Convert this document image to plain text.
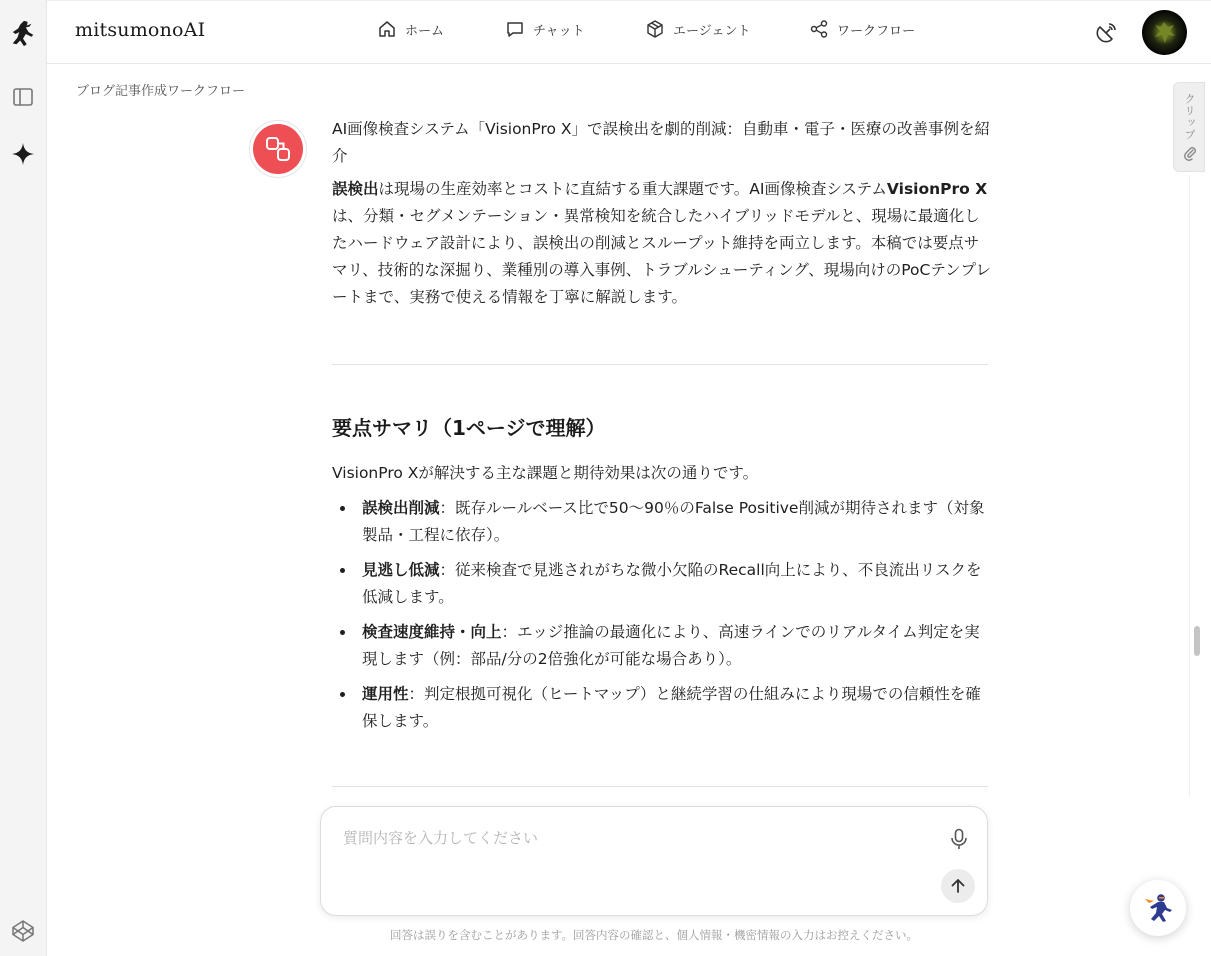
mitsumonoAI	ホーム	チャット	エージェント	ワークフロー
ブログ記事作成ワークフロー
AI画像検査システム「VisionPro X」で誤検出を劇的削減：自動車・電子・医療の改善事例を紹介
誤検出は現場の生産効率とコストに直結する重大課題です。AI画像検査システムVisionPro Xは、分類・セグメンテーション・異常検知を統合したハイブリッドモデルと、現場に最適化したハードウェア設計により、誤検出の削減とスループット維持を両立します。本稿では要点サマリ、技術的な深掘り、業種別の導入事例、トラブルシューティング、現場向けのPoCテンプレートまで、実務で使える情報を丁寧に解説します。
要点サマリ（1ページで理解）
VisionPro Xが解決する主な課題と期待効果は次の通りです。
誤検出削減：既存ルールベース比で50〜90％のFalse Positive削減が期待されます（対象製品・工程に依存）。
見逃し低減：従来検査で見逃されがちな微小欠陥のRecall向上により、不良流出リスクを低減します。
検査速度維持・向上：エッジ推論の最適化により、高速ラインでのリアルタイム判定を実現します（例：部品/分の2倍強化が可能な場合あり）。
運用性：判定根拠可視化（ヒートマップ）と継続学習の仕組みにより現場での信頼性を確保します。
質問内容を入力してください
回答は誤りを含むことがあります。回答内容の確認と、個人情報・機密情報の入力はお控えください。
クリップ
